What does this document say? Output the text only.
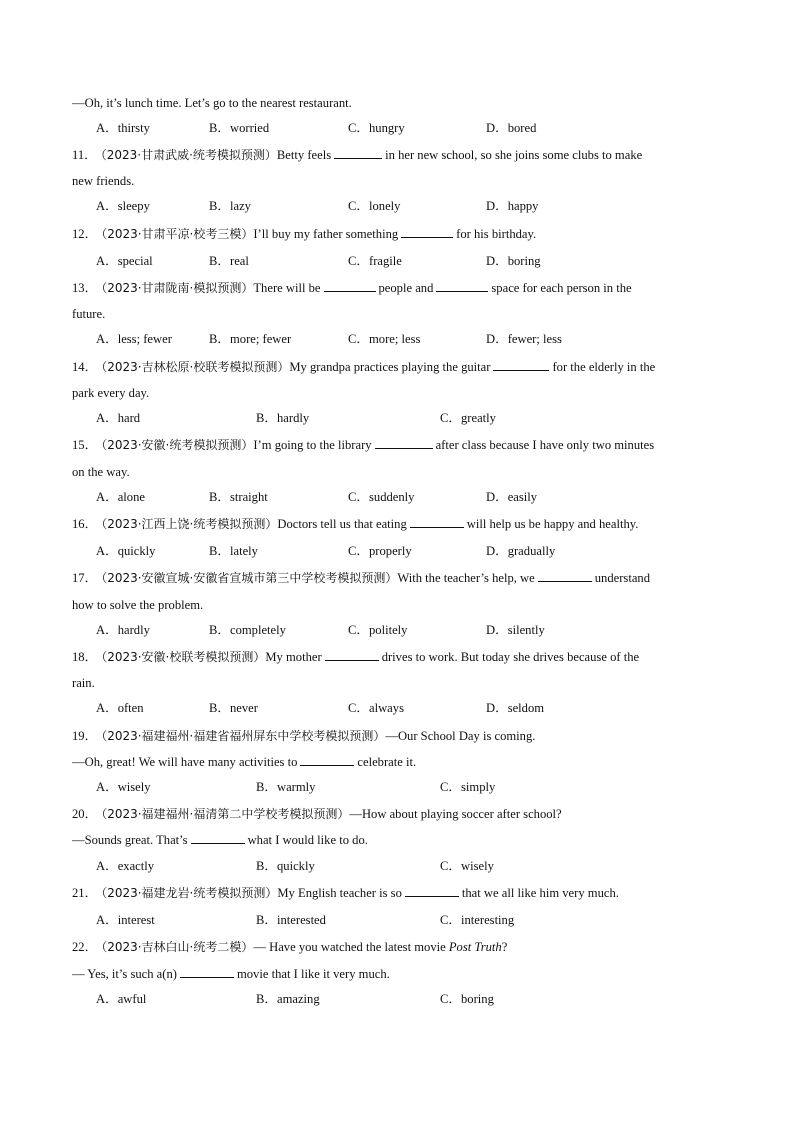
—Oh, it’s lunch time. Let’s go to the nearest restaurant.
A．thirsty	B．worried	C．hungry	D．bored
11． （2023·甘肃武威·统考模拟预测）Betty feels	in her new school, so she joins some clubs to make
new friends.
A．sleepy	B．lazy	C．lonely	D．happy
12． （2023·甘肃平凉·校考三模）I’ll buy my father something	for his birthday.
A．special	B．real	C．fragile	D．boring
13． （2023·甘肃陇南·模拟预测）There will be	people and	space for each person in the
future.
A．less; fewer	B．more; fewer	C．more; less	D．fewer; less
14． （2023·吉林松原·校联考模拟预测）My grandpa practices playing the guitar	for the elderly in the
park every day.
A．hard	B．hardly	C．greatly
15． （2023·安徽·统考模拟预测）I’m going to the library	after class because I have only two minutes
on the way.
A．alone	B．straight	C．suddenly	D．easily
16． （2023·江西上饶·统考模拟预测）Doctors tell us that eating	will help us be happy and healthy.
A．quickly	B．lately	C．properly	D．gradually
17． （2023·安徽宣城·安徽省宣城市第三中学校考模拟预测）With the teacher’s help, we	understand
how to solve the problem.
A．hardly	B．completely	C．politely	D．silently
18． （2023·安徽·校联考模拟预测）My mother	drives to work. But today she drives because of the
rain.
A．often	B．never	C．always	D．seldom
19． （2023·福建福州·福建省福州屏东中学校考模拟预测）—Our School Day is coming.
—Oh, great! We will have many activities to	celebrate it.
A．wisely	B．warmly	C．simply
20． （2023·福建福州·福清第二中学校考模拟预测）—How about playing soccer after school?
—Sounds great. That’s	what I would like to do.
A．exactly	B．quickly	C．wisely
21． （2023·福建龙岩·统考模拟预测）My English teacher is so	that we all like him very much.
A．interest	B．interested	C．interesting
22． （2023·吉林白山·统考二模）— Have you watched the latest movie Post Truth?
— Yes, it’s such a(n)	movie that I like it very much.
A．awful	B．amazing	C．boring
